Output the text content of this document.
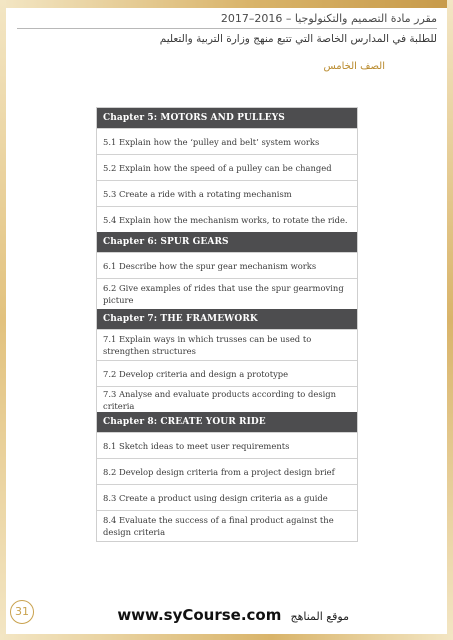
مقرر مادة التصميم والتكنولوجيا – 2016–2017
للطلبة في المدارس الخاصة التي تتبع منهج وزارة التربية والتعليم
الصف الخامس
Chapter 5: MOTORS AND PULLEYS
5.1 Explain how the ‘pulley and belt’ system works
5.2 Explain how the speed of a pulley can be changed
5.3 Create a ride with a rotating mechanism
5.4 Explain how the mechanism works, to rotate the ride.
Chapter 6: SPUR GEARS
6.1 Describe how the spur gear mechanism works
6.2 Give examples of rides that use the spur gearmoving picture
Chapter 7: THE FRAMEWORK
7.1 Explain ways in which trusses can be used to strengthen structures
7.2 Develop criteria and design a prototype
7.3 Analyse and evaluate products according to design criteria
Chapter 8: CREATE YOUR RIDE
8.1 Sketch ideas to meet user requirements
8.2 Develop design criteria from a project design brief
8.3 Create a product using design criteria as a guide
8.4 Evaluate the success of a final product against the design criteria
31	www.syCourse.com موقع المناهج
